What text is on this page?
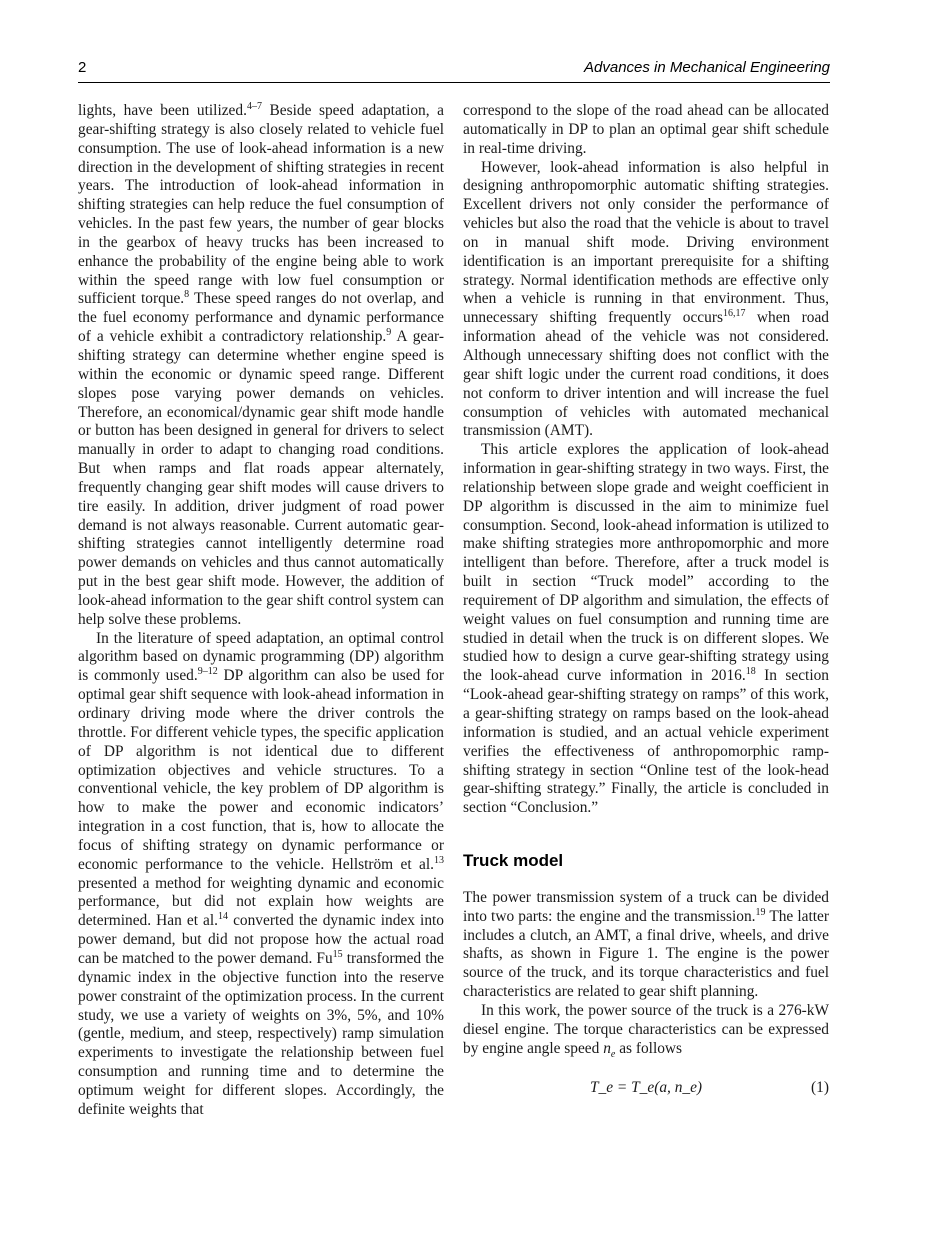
2	Advances in Mechanical Engineering

lights, have been utilized.$^{4-7}$ Beside speed adaptation, a gear-shifting strategy is also closely related to vehicle fuel consumption. The use of look-ahead information is a new direction in the development of shifting strategies in recent years. The introduction of look-ahead information in shifting strategies can help reduce the fuel consumption of vehicles. In the past few years, the number of gear blocks in the gearbox of heavy trucks has been increased to enhance the probability of the engine being able to work within the speed range with low fuel consumption or sufficient torque.$^8$ These speed ranges do not overlap, and the fuel economy performance and dynamic performance of a vehicle exhibit a contradictory relationship.$^9$ A gear-shifting strategy can determine whether engine speed is within the economic or dynamic speed range. Different slopes pose varying power demands on vehicles. Therefore, an economical/dynamic gear shift mode handle or button has been designed in general for drivers to select manually in order to adapt to changing road conditions. But when ramps and flat roads appear alternately, frequently changing gear shift modes will cause drivers to tire easily. In addition, driver judgment of road power demand is not always reasonable. Current automatic gear-shifting strategies cannot intelligently determine road power demands on vehicles and thus cannot automatically put in the best gear shift mode. However, the addition of look-ahead information to the gear shift control system can help solve these problems.

In the literature of speed adaptation, an optimal control algorithm based on dynamic programming (DP) algorithm is commonly used.$^{9-12}$ DP algorithm can also be used for optimal gear shift sequence with look-ahead information in ordinary driving mode where the driver controls the throttle. For different vehicle types, the specific application of DP algorithm is not identical due to different optimization objectives and vehicle structures. To a conventional vehicle, the key problem of DP algorithm is how to make the power and economic indicators’ integration in a cost function, that is, how to allocate the focus of shifting strategy on dynamic performance or economic performance to the vehicle. Hellström et al.$^{13}$ presented a method for weighting dynamic and economic performance, but did not explain how weights are determined. Han et al.$^{14}$ converted the dynamic index into power demand, but did not propose how the actual road can be matched to the power demand. Fu$^{15}$ transformed the dynamic index in the objective function into the reserve power constraint of the optimization process. In the current study, we use a variety of weights on 3%, 5%, and 10% (gentle, medium, and steep, respectively) ramp simulation experiments to investigate the relationship between fuel consumption and running time and to determine the optimum weight for different slopes. Accordingly, the definite weights that

correspond to the slope of the road ahead can be allocated automatically in DP to plan an optimal gear shift schedule in real-time driving.

However, look-ahead information is also helpful in designing anthropomorphic automatic shifting strategies. Excellent drivers not only consider the performance of vehicles but also the road that the vehicle is about to travel on in manual shift mode. Driving environment identification is an important prerequisite for a shifting strategy. Normal identification methods are effective only when a vehicle is running in that environment. Thus, unnecessary shifting frequently occurs$^{16,17}$ when road information ahead of the vehicle was not considered. Although unnecessary shifting does not conflict with the gear shift logic under the current road conditions, it does not conform to driver intention and will increase the fuel consumption of vehicles with automated mechanical transmission (AMT).

This article explores the application of look-ahead information in gear-shifting strategy in two ways. First, the relationship between slope grade and weight coefficient in DP algorithm is discussed in the aim to minimize fuel consumption. Second, look-ahead information is utilized to make shifting strategies more anthropomorphic and more intelligent than before. Therefore, after a truck model is built in section “Truck model” according to the requirement of DP algorithm and simulation, the effects of weight values on fuel consumption and running time are studied in detail when the truck is on different slopes. We studied how to design a curve gear-shifting strategy using the look-ahead curve information in 2016.18 In section “Look-ahead gear-shifting strategy on ramps” of this work, a gear-shifting strategy on ramps based on the look-ahead information is studied, and an actual vehicle experiment verifies the effectiveness of anthropomorphic ramp-shifting strategy in section “Online test of the look-head gear-shifting strategy.” Finally, the article is concluded in section “Conclusion.”

Truck model

The power transmission system of a truck can be divided into two parts: the engine and the transmission.$^{19}$ The latter includes a clutch, an AMT, a final drive, wheels, and drive shafts, as shown in Figure 1. The engine is the power source of the truck, and its torque characteristics and fuel characteristics are related to gear shift planning.

In this work, the power source of the truck is a 276-kW diesel engine. The torque characteristics can be expressed by engine angle speed $n_e$ as follows

T_e = T_e(a, n_e)	(1)
